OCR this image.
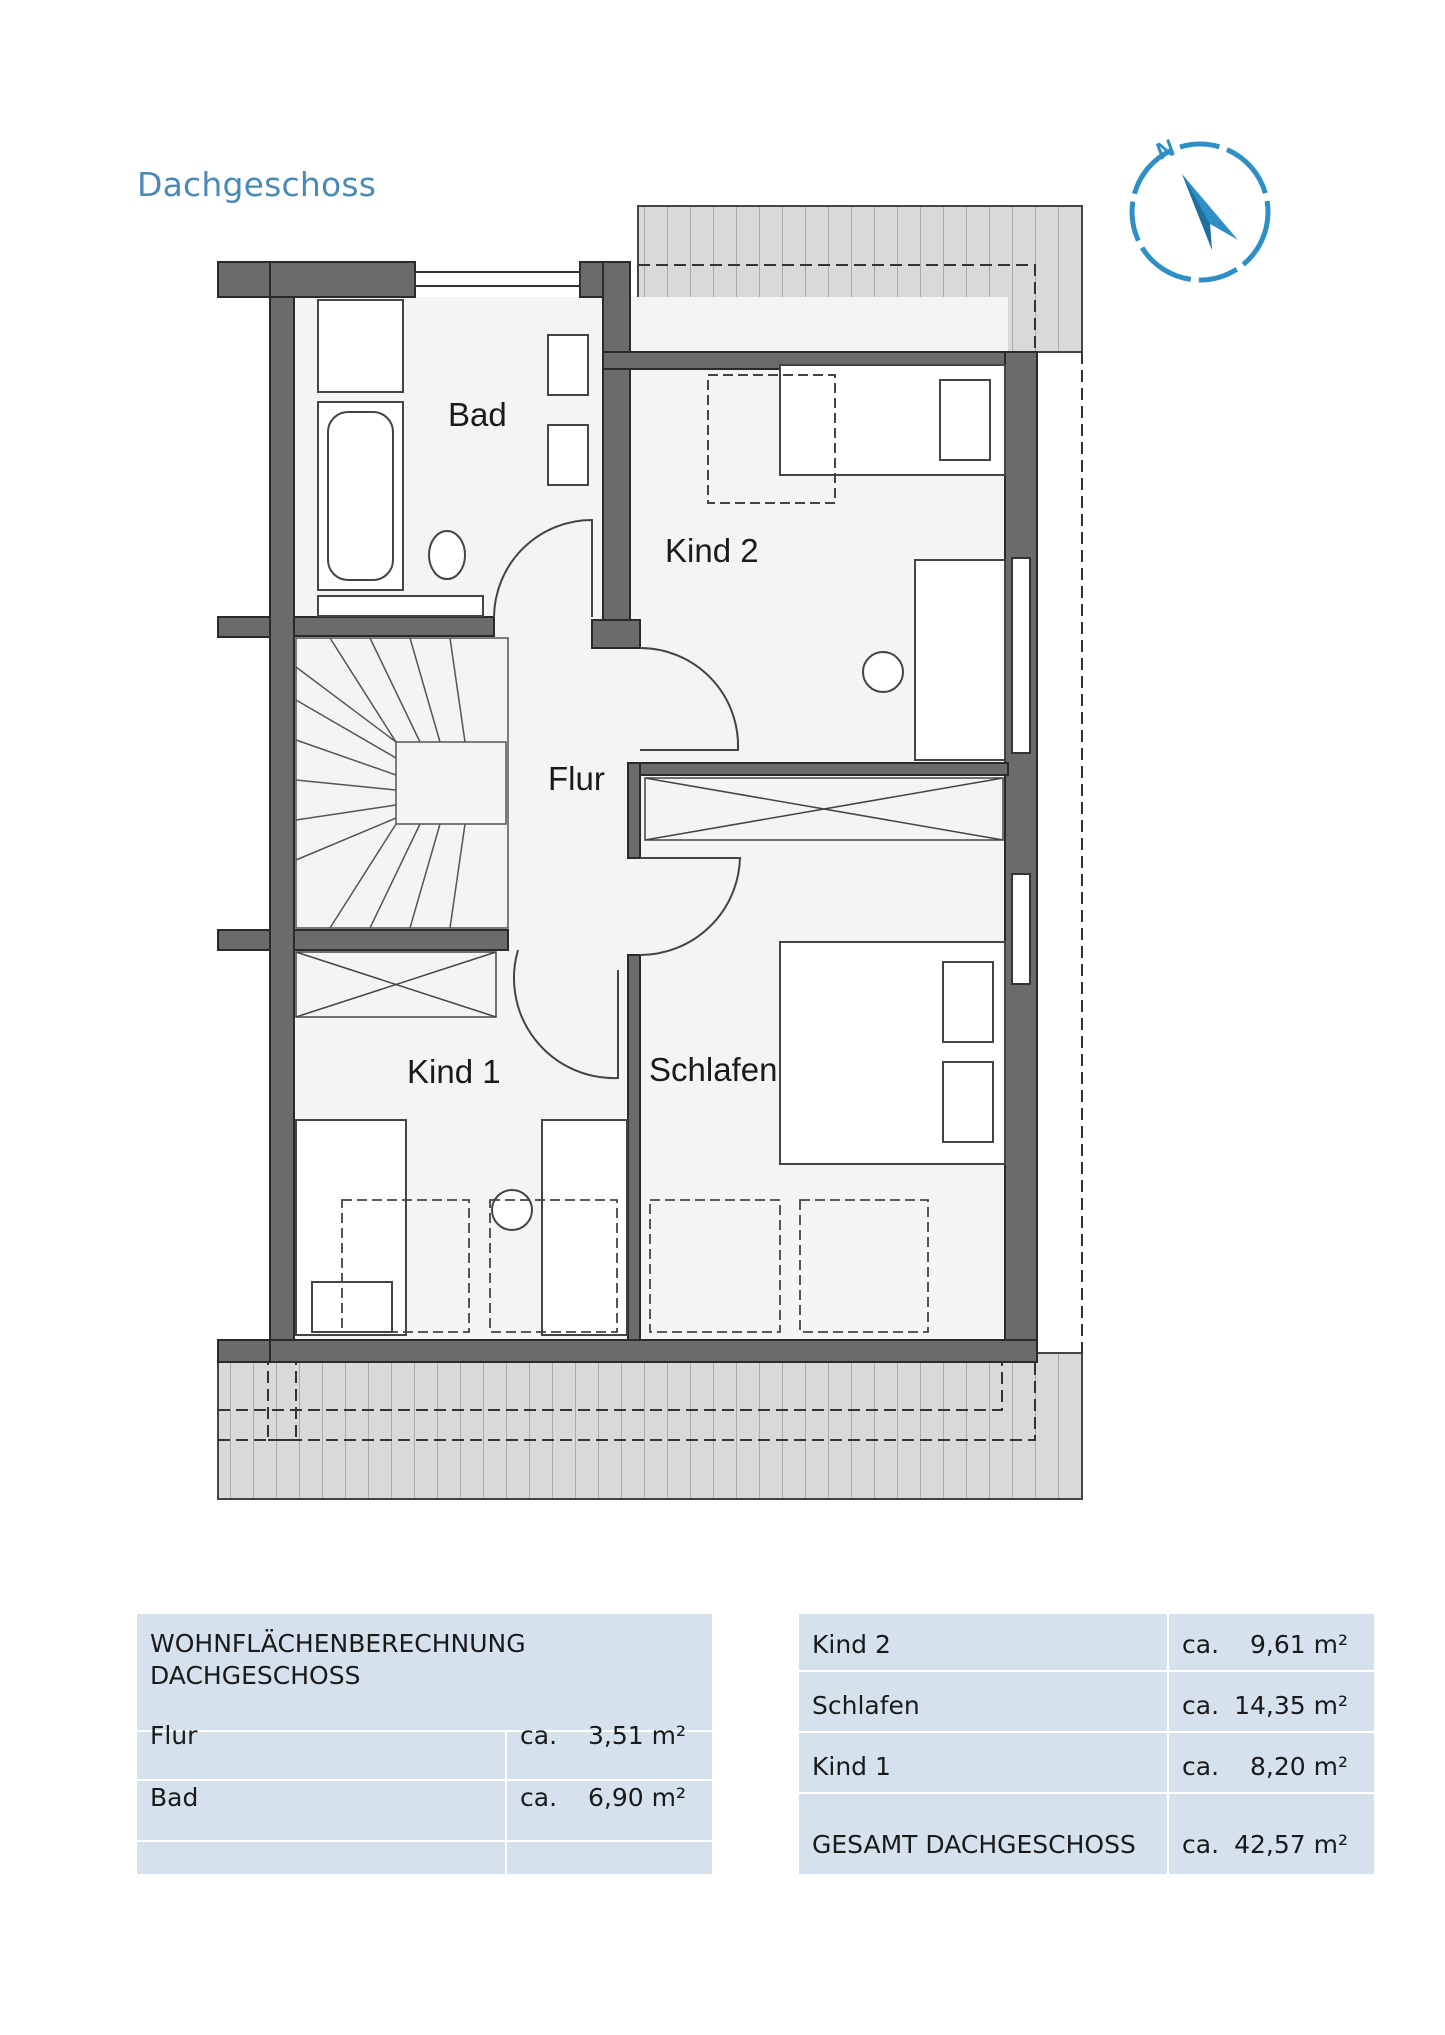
Dachgeschoss
N
Bad
Kind 2
Flur
Kind 1	Schlafen
WOHNFLÄCHENBERECHNUNG
DACHGESCHOSS
Flur	ca. 3,51 m²
Bad	ca. 6,90 m²
Kind 2	ca. 9,61 m²
Schlafen	ca. 14,35 m²
Kind 1	ca. 8,20 m²
GESAMT DACHGESCHOSS ca. 42,57 m²
